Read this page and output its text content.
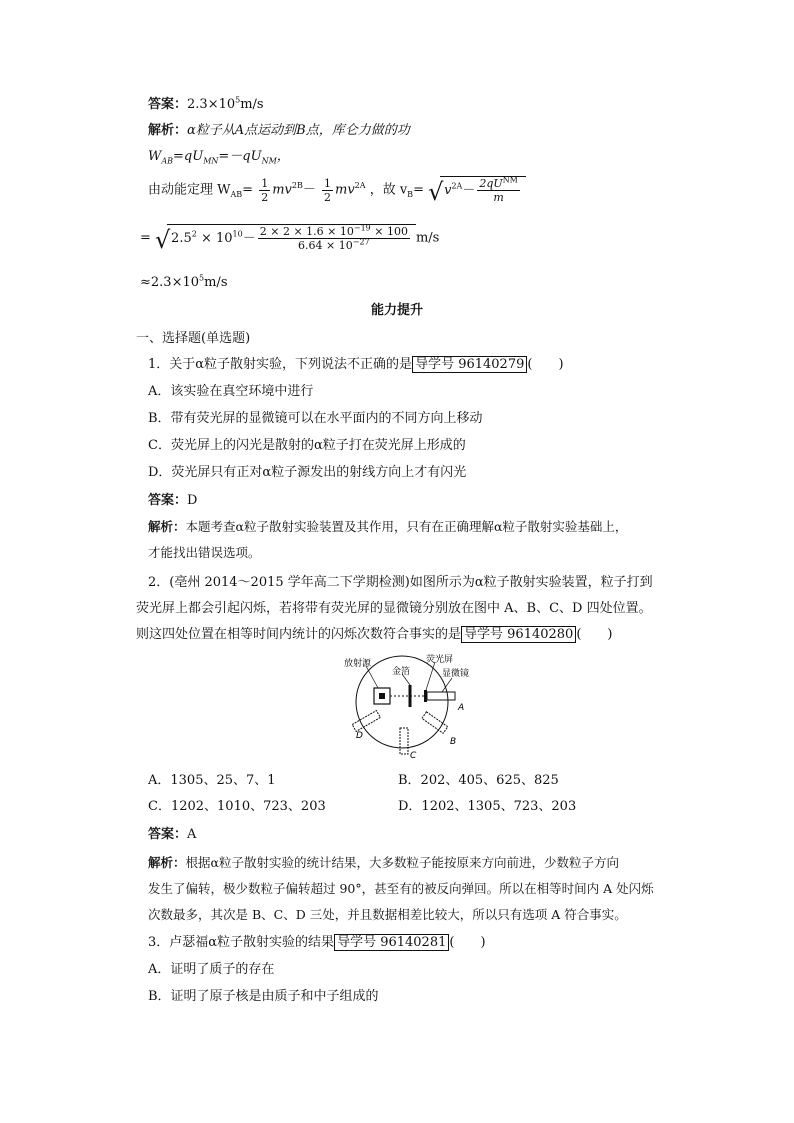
答案：$2.3\times 10^5m/s$
解析：α粒子从A点运动到B点，库仑力做的功
$W_{AB}=qU_{MN}=-qU_{NM}$，
由动能定理 $W_{AB}= \frac{1}{2} mv^{2B}- \frac{1}{2} mv^{2A}$ ，故 $v_B=$ √ $v^{2A}- \frac{2qU^{NM}}{m}$
= √ $2.5^2 \times 10^{10}- \frac{2 \times 2 \times 1.6 \times 10^{-19} \times 100}{6.64 \times 10^{-27}} m/s$
$\approx 2.3\times 10^5m/s$
能力提升
一、选择题(单选题)
1．关于α粒子散射实验，下列说法不正确的是 导学号 96140279 (　　)
A．该实验在真空环境中进行
B．带有荧光屏的显微镜可以在水平面内的不同方向上移动
C．荧光屏上的闪光是散射的α粒子打在荧光屏上形成的
D．荧光屏只有正对α粒子源发出的射线方向上才有闪光
答案：D
解析：本题考查α粒子散射实验装置及其作用，只有在正确理解α粒子散射实验基础上，
才能找出错误选项。
2．(亳州 2014～2015 学年高二下学期检测)如图所示为α粒子散射实验装置，粒子打到
荧光屏上都会引起闪烁，若将带有荧光屏的显微镜分别放在图中 A、B、C、D 四处位置。
则这四处位置在相等时间内统计的闪烁次数符合事实的是 导学号 96140280 (　　)
放射源
金箔
荧光屏
显微镜
A
B
C
D
A．1305、25、7、1	B．202、405、625、825
C．1202、1010、723、203	D．1202、1305、723、203
答案：A
解析：根据α粒子散射实验的统计结果，大多数粒子能按原来方向前进，少数粒子方向
发生了偏转，极少数粒子偏转超过 90°，甚至有的被反向弹回。所以在相等时间内 A 处闪烁
次数最多，其次是 B、C、D 三处，并且数据相差比较大，所以只有选项 A 符合事实。
3．卢瑟福α粒子散射实验的结果 导学号 96140281 (　　)
A．证明了质子的存在
B．证明了原子核是由质子和中子组成的
